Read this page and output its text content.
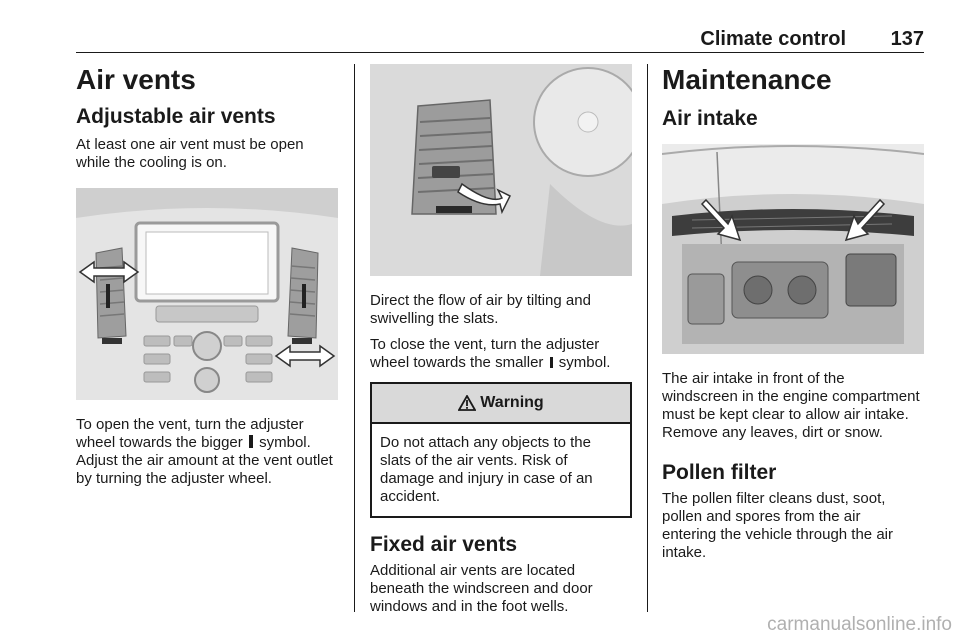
Climate control 137
Air vents
Adjustable air vents
At least one air vent must be open while the cooling is on.
To open the vent, turn the adjuster wheel towards the bigger symbol. Adjust the air amount at the vent outlet by turning the adjuster wheel.
Direct the flow of air by tilting and swivelling the slats.
To close the vent, turn the adjuster wheel towards the smaller symbol.
Warning
Do not attach any objects to the slats of the air vents. Risk of damage and injury in case of an accident.
Fixed air vents
Additional air vents are located beneath the windscreen and door windows and in the foot wells.
Maintenance
Air intake
The air intake in front of the windscreen in the engine compartment must be kept clear to allow air intake. Remove any leaves, dirt or snow.
Pollen filter
The pollen filter cleans dust, soot, pollen and spores from the air entering the vehicle through the air intake.
carmanualsonline.info
